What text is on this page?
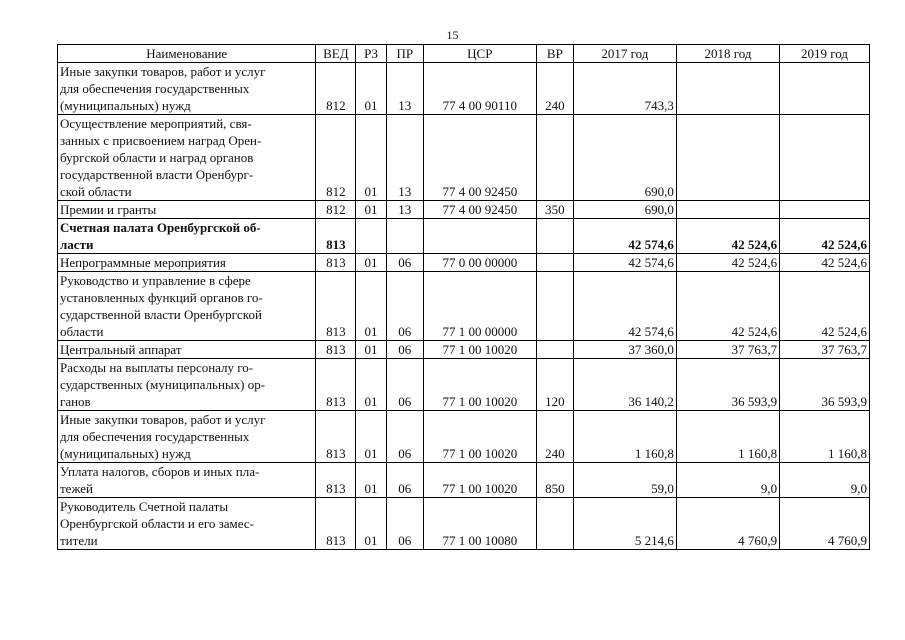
15
Наименование	ВЕД	РЗ	ПР	ЦСР	ВР	2017 год	2018 год	2019 год

Иные закупки товаров, работ и услуг
для обеспечения государственных
(муниципальных) нужд	812	01	13	77 4 00 90110	240	743,3		

Осуществление мероприятий, свя-
занных с присвоением наград Орен-
бургской области и наград органов
государственной власти Оренбург-
ской области	812	01	13	77 4 00 92450		690,0		

Премии и гранты	812	01	13	77 4 00 92450	350	690,0		

Счетная палата Оренбургской об-
ласти	813					42 574,6	42 524,6	42 524,6

Непрограммные мероприятия	813	01	06	77 0 00 00000		42 574,6	42 524,6	42 524,6

Руководство и управление в сфере
установленных функций органов го-
сударственной власти Оренбургской
области	813	01	06	77 1 00 00000		42 574,6	42 524,6	42 524,6

Центральный аппарат	813	01	06	77 1 00 10020		37 360,0	37 763,7	37 763,7

Расходы на выплаты персоналу го-
сударственных (муниципальных) ор-
ганов	813	01	06	77 1 00 10020	120	36 140,2	36 593,9	36 593,9

Иные закупки товаров, работ и услуг
для обеспечения государственных
(муниципальных) нужд	813	01	06	77 1 00 10020	240	1 160,8	1 160,8	1 160,8

Уплата налогов, сборов и иных пла-
тежей	813	01	06	77 1 00 10020	850	59,0	9,0	9,0

Руководитель Счетной палаты
Оренбургской области и его замес-
тители	813	01	06	77 1 00 10080		5 214,6	4 760,9	4 760,9
